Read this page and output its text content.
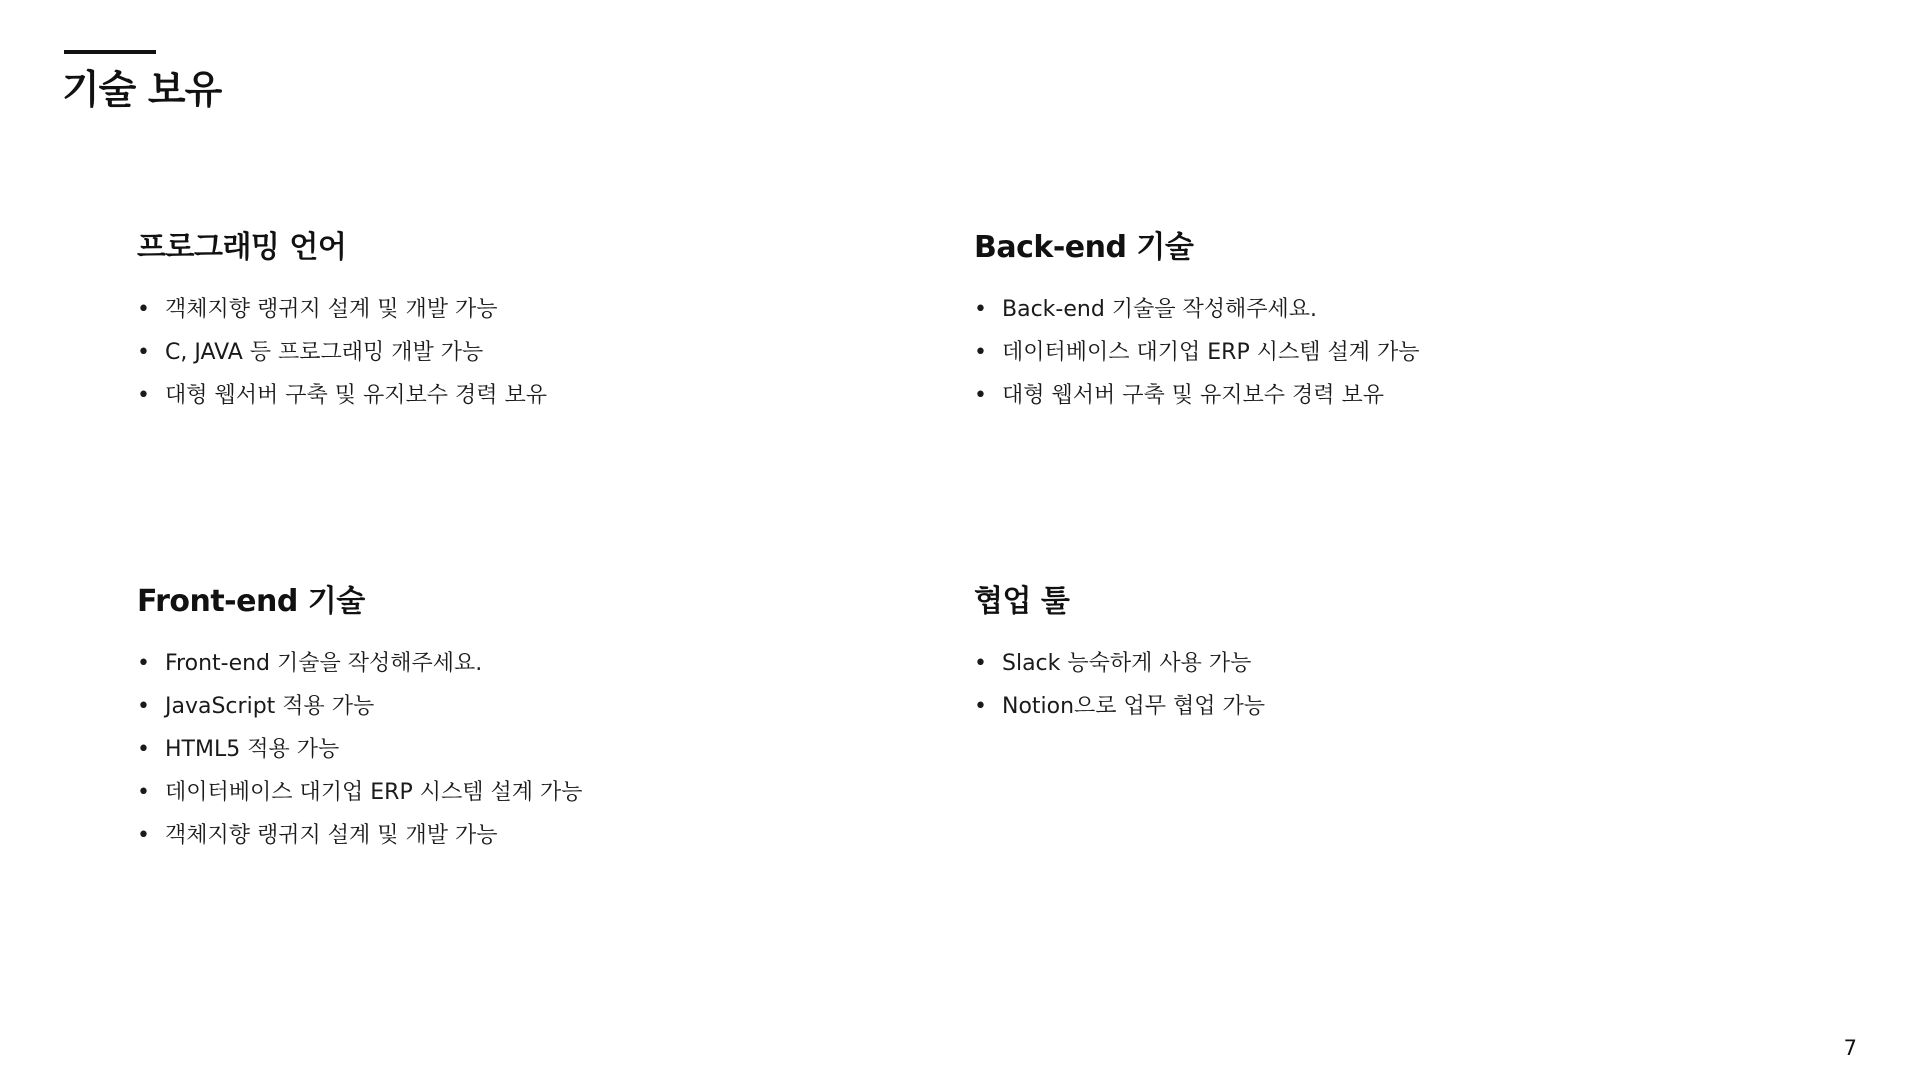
기술 보유
프로그래밍 언어
• 객체지향 랭귀지 설계 및 개발 가능
• C, JAVA 등 프로그래밍 개발 가능
• 대형 웹서버 구축 및 유지보수 경력 보유
Back-end 기술
• Back-end 기술을 작성해주세요.
• 데이터베이스 대기업 ERP 시스템 설계 가능
• 대형 웹서버 구축 및 유지보수 경력 보유
Front-end 기술
• Front-end 기술을 작성해주세요.
• JavaScript 적용 가능
• HTML5 적용 가능
• 데이터베이스 대기업 ERP 시스템 설계 가능
• 객체지향 랭귀지 설계 및 개발 가능
협업 툴
• Slack 능숙하게 사용 가능
• Notion으로 업무 협업 가능
7
